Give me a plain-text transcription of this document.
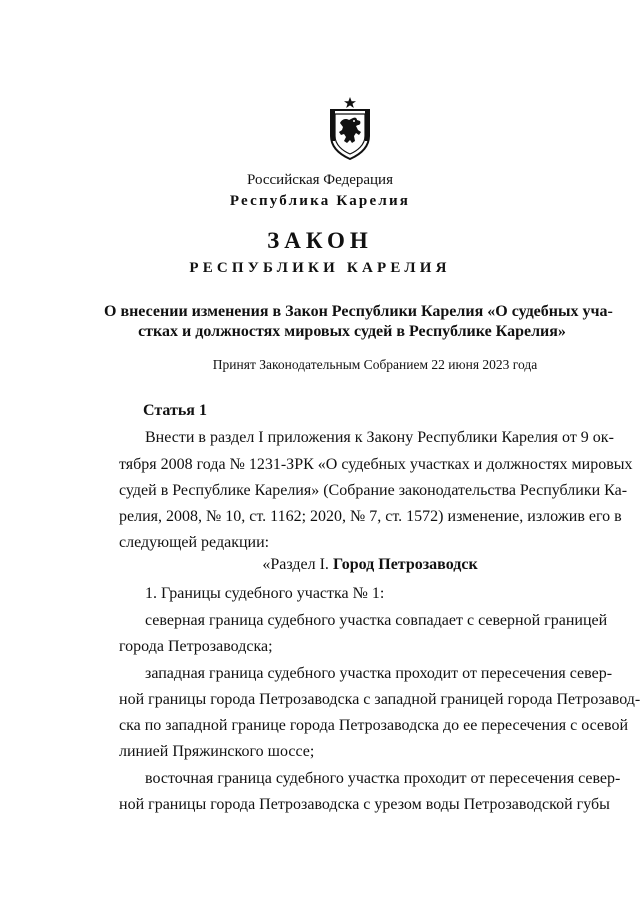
Российская Федерация
Республика Карелия
ЗАКОН
РЕСПУБЛИКИ КАРЕЛИЯ
О внесении изменения в Закон Республики Карелия «О судебных уча-
стках и должностях мировых судей в Республике Карелия»
Принят Законодательным Собранием 22 июня 2023 года
Статья 1
Внести в раздел I приложения к Закону Республики Карелия от 9 ок-
тября 2008 года № 1231-ЗРК «О судебных участках и должностях мировых
судей в Республике Карелия» (Собрание законодательства Республики Ка-
релия, 2008, № 10, ст. 1162; 2020, № 7, ст. 1572) изменение, изложив его в
следующей редакции:
«Раздел I. Город Петрозаводск
1. Границы судебного участка № 1:
северная граница судебного участка совпадает с северной границей
города Петрозаводска;
западная граница судебного участка проходит от пересечения север-
ной границы города Петрозаводска с западной границей города Петрозавод-
ска по западной границе города Петрозаводска до ее пересечения с осевой
линией Пряжинского шоссе;
восточная граница судебного участка проходит от пересечения север-
ной границы города Петрозаводска с урезом воды Петрозаводской губы
